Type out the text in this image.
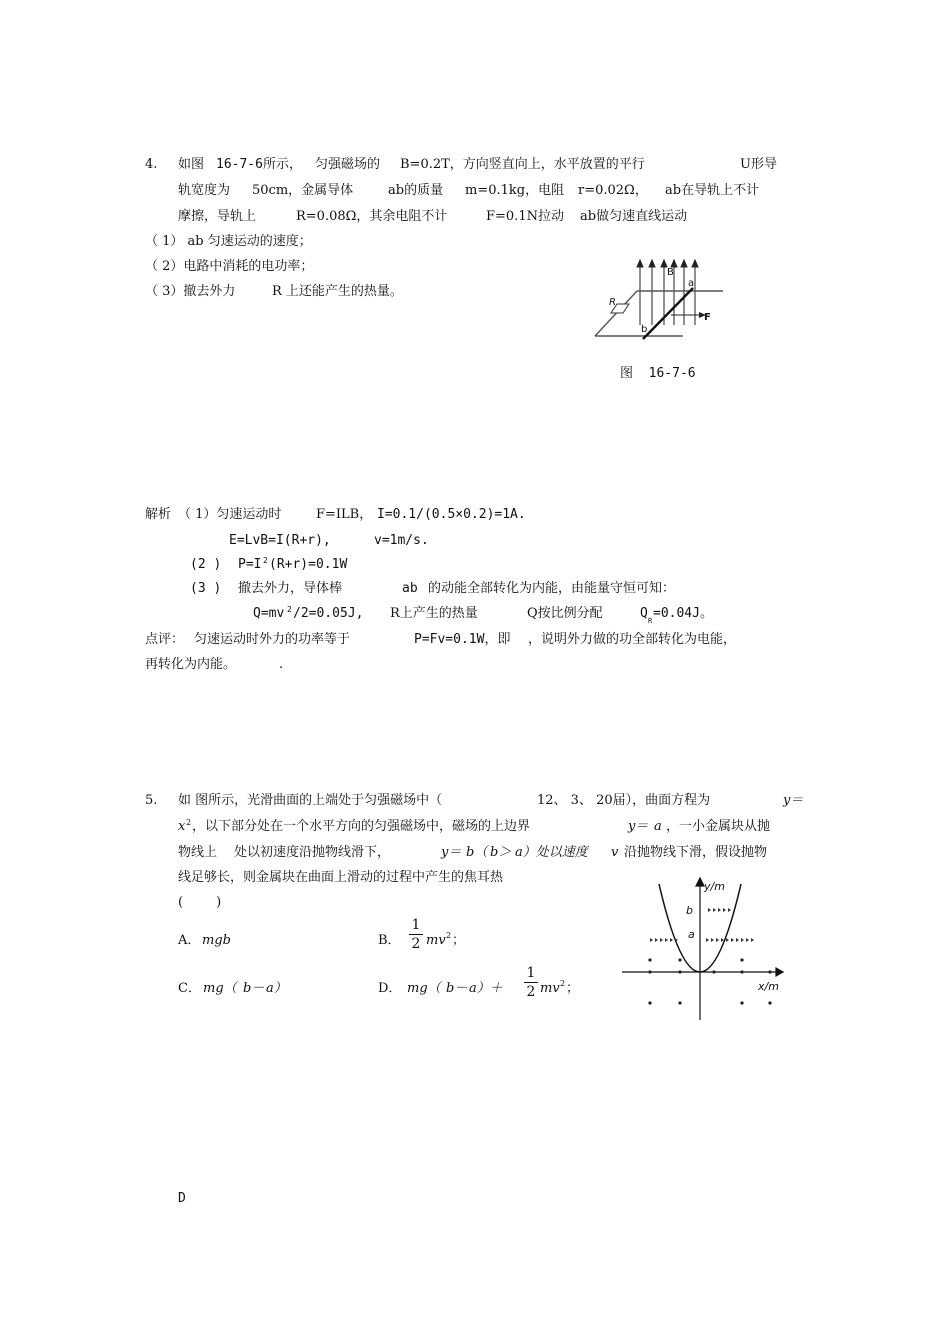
4. 如图 16-7-6所示， 匀强磁场的 B=0.2T，方向竖直向上，水平放置的平行	U形导
轨宽度为 50cm，金属导体	ab的质量 m=0.1kg，电阻 r=0.02Ω， ab在导轨上不计
摩擦，导轨上	R=0.08Ω，其余电阻不计	F=0.1N拉动 ab做匀速直线运动
（ 1） ab 匀速运动的速度；
（ 2）电路中消耗的电功率；
（ 3）撤去外力	R 上还能产生的热量。
B
a
R
b
F
图  16-7-6
解析 （ 1）匀速运动时	F=ILB， I=0.1/(0.5×0.2)=1A.
E=LvB=I(R+r),	v=1m/s.
(2 ) P=I 2 (R+r)=0.1W
(3 ) 撤去外力，导体棒	ab 的动能全部转化为内能，由能量守恒可知：
Q=mv 2 /2=0.05J, R上产生的热量	Q按比例分配	Q R =0.04J。
点评： 匀速运动时外力的功率等于	P=Fv=0.1W，即 ，说明外力做的功全部转化为电能，
再转化为内能。	.
5. 如 图所示，光滑曲面的上端处于匀强磁场中（	12、 3、 20届），曲面方程为	y＝
x 2 ，以下部分处在一个水平方向的匀强磁场中，磁场的上边界	y＝ a ，一小金属块从抛
物线上 处以初速度沿抛物线滑下，	y＝ b（ b＞ a）处以速度 v 沿抛物线下滑，假设抛物
线足够长，则金属块在曲面上滑动的过程中产生的焦耳热
(        )
A． mgb	B．
1
2 mv 2 ；
C． mg（ b－ a）	D． mg（ b－ a）＋
1
2 mv 2 ；
y/m
x/m
b
a
D
